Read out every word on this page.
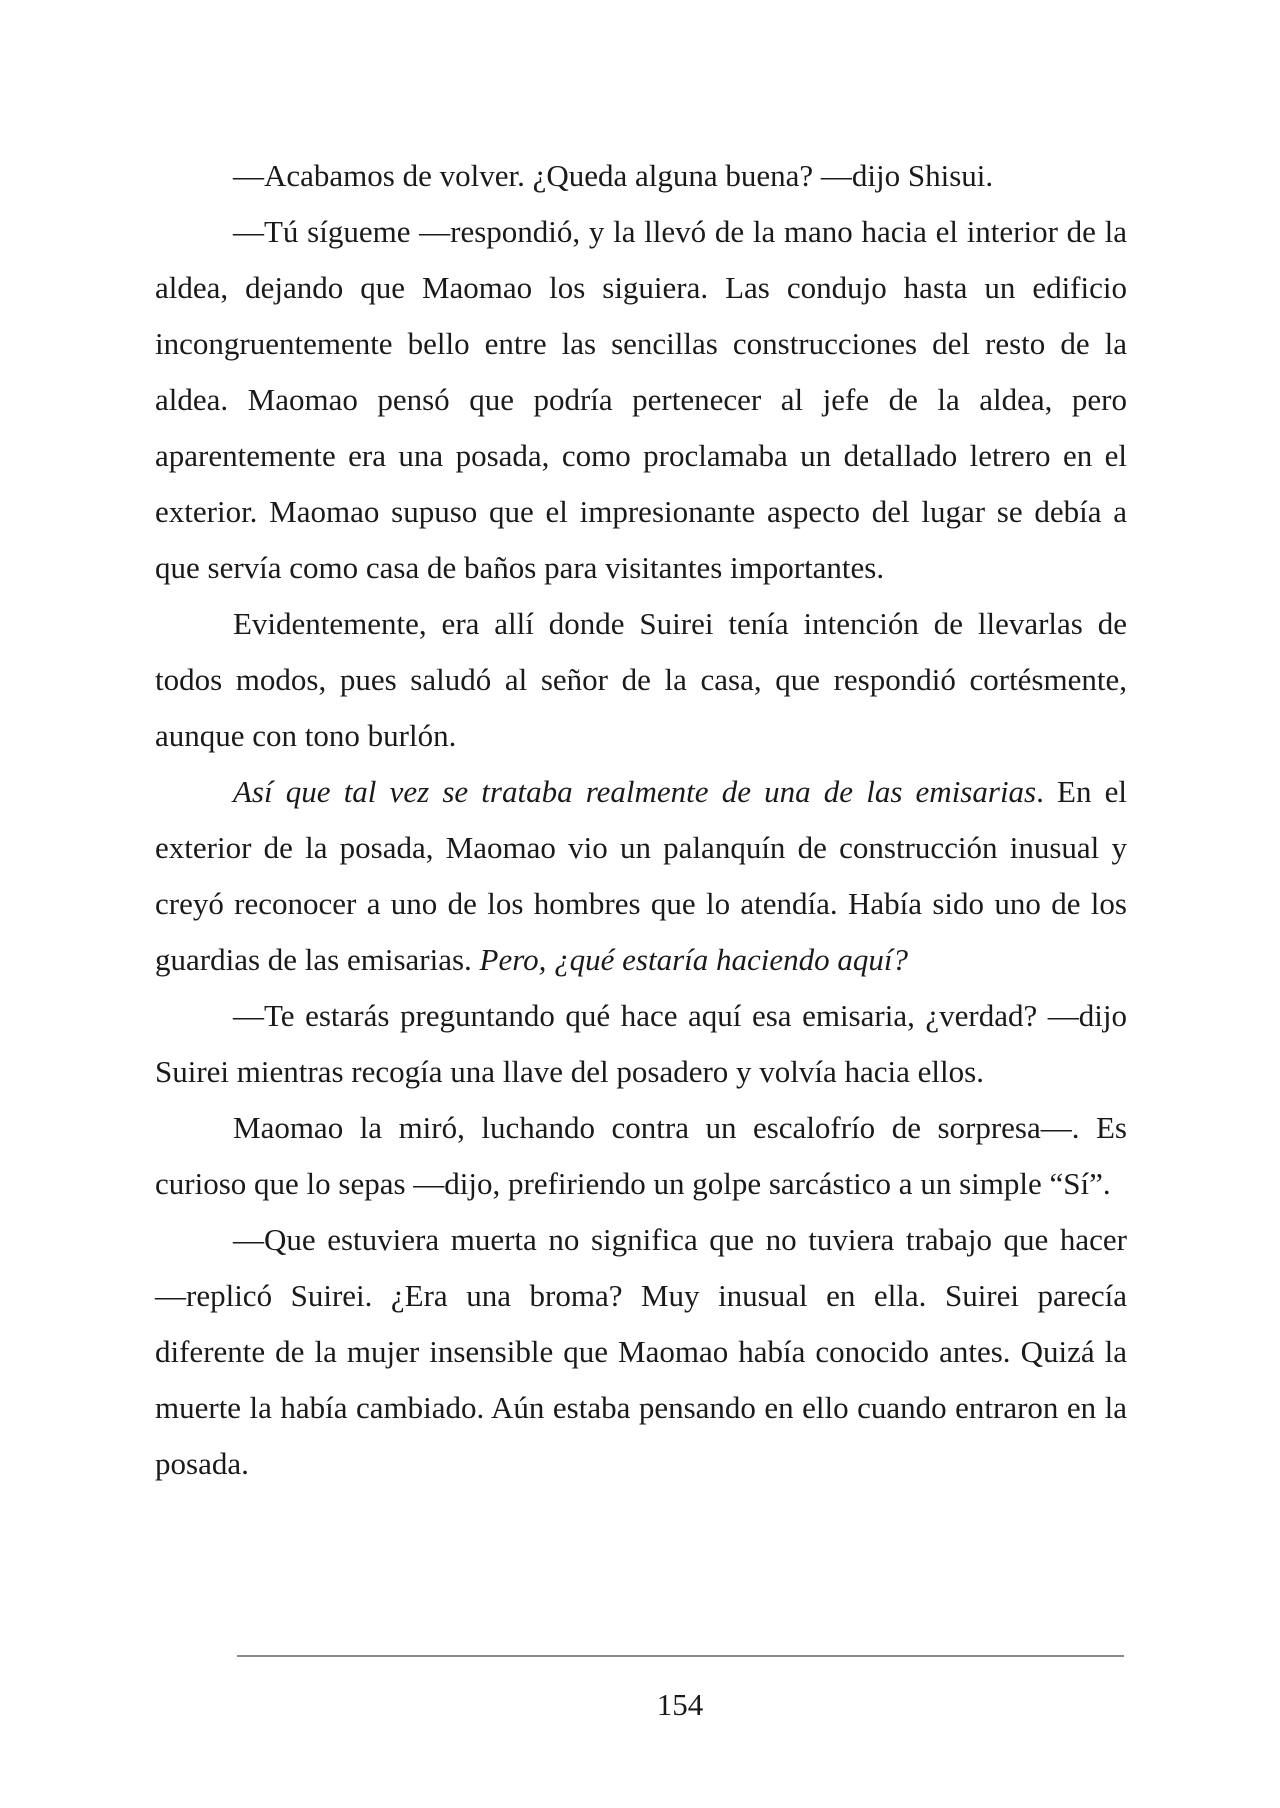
—Acabamos de volver. ¿Queda alguna buena? —dijo Shisui.

—Tú sígueme —respondió, y la llevó de la mano hacia el interior de la aldea, dejando que Maomao los siguiera. Las condujo hasta un edificio incongruentemente bello entre las sencillas construcciones del resto de la aldea. Maomao pensó que podría pertenecer al jefe de la aldea, pero aparentemente era una posada, como proclamaba un detallado letrero en el exterior. Maomao supuso que el impresionante aspecto del lugar se debía a que servía como casa de baños para visitantes importantes.

Evidentemente, era allí donde Suirei tenía intención de llevarlas de todos modos, pues saludó al señor de la casa, que respondió cortésmente, aunque con tono burlón.

Así que tal vez se trataba realmente de una de las emisarias. En el exterior de la posada, Maomao vio un palanquín de construcción inusual y creyó reconocer a uno de los hombres que lo atendía. Había sido uno de los guardias de las emisarias. Pero, ¿qué estaría haciendo aquí?

—Te estarás preguntando qué hace aquí esa emisaria, ¿verdad? —dijo Suirei mientras recogía una llave del posadero y volvía hacia ellos.

Maomao la miró, luchando contra un escalofrío de sorpresa—. Es curioso que lo sepas —dijo, prefiriendo un golpe sarcástico a un simple “Sí”.

—Que estuviera muerta no significa que no tuviera trabajo que hacer —replicó Suirei. ¿Era una broma? Muy inusual en ella. Suirei parecía diferente de la mujer insensible que Maomao había conocido antes. Quizá la muerte la había cambiado. Aún estaba pensando en ello cuando entraron en la posada.

154
